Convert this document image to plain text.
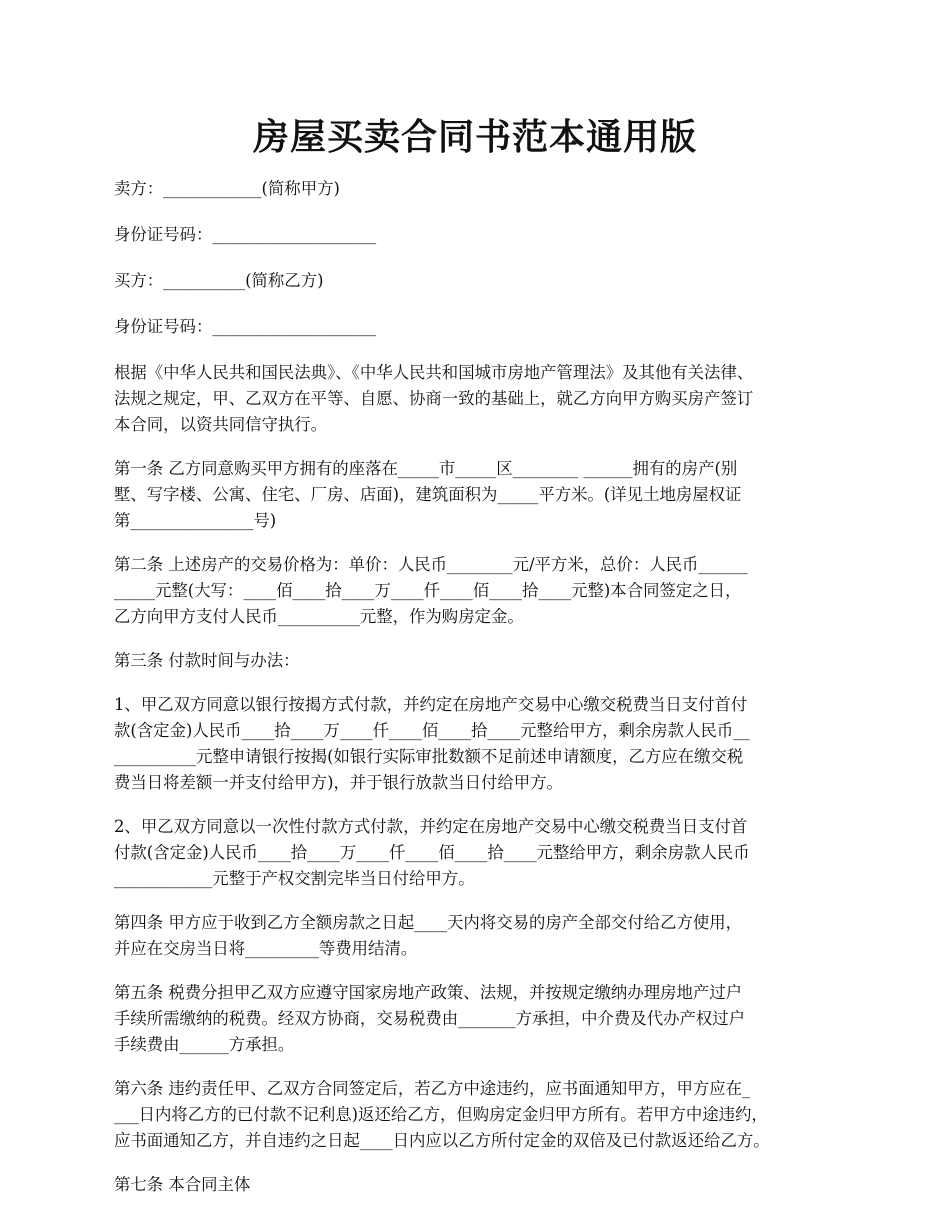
房屋买卖合同书范本通用版

卖方：____________(简称甲方)

身份证号码：____________________

买方：__________(简称乙方)

身份证号码：____________________

根据《中华人民共和国民法典》、《中华人民共和国城市房地产管理法》及其他有关法律、
法规之规定，甲、乙双方在平等、自愿、协商一致的基础上，就乙方向甲方购买房产签订
本合同，以资共同信守执行。

第一条 乙方同意购买甲方拥有的座落在_____市_____区________ ______拥有的房产(别
墅、写字楼、公寓、住宅、厂房、店面)，建筑面积为_____平方米。(详见土地房屋权证
第_______________号)

第二条 上述房产的交易价格为：单价：人民币________元/平方米，总价：人民币______
_____元整(大写：____佰____拾____万____仟____佰____拾____元整)本合同签定之日，
乙方向甲方支付人民币__________元整，作为购房定金。

第三条 付款时间与办法：

1、甲乙双方同意以银行按揭方式付款，并约定在房地产交易中心缴交税费当日支付首付
款(含定金)人民币____拾____万____仟____佰____拾____元整给甲方，剩余房款人民币__
__________元整申请银行按揭(如银行实际审批数额不足前述申请额度，乙方应在缴交税
费当日将差额一并支付给甲方)，并于银行放款当日付给甲方。

2、甲乙双方同意以一次性付款方式付款，并约定在房地产交易中心缴交税费当日支付首
付款(含定金)人民币____拾____万____仟____佰____拾____元整给甲方，剩余房款人民币
____________元整于产权交割完毕当日付给甲方。

第四条 甲方应于收到乙方全额房款之日起____天内将交易的房产全部交付给乙方使用，
并应在交房当日将_________等费用结清。

第五条 税费分担甲乙双方应遵守国家房地产政策、法规，并按规定缴纳办理房地产过户
手续所需缴纳的税费。经双方协商，交易税费由_______方承担，中介费及代办产权过户
手续费由______方承担。

第六条 违约责任甲、乙双方合同签定后，若乙方中途违约，应书面通知甲方，甲方应在_
___日内将乙方的已付款不记利息)返还给乙方，但购房定金归甲方所有。若甲方中途违约，
应书面通知乙方，并自违约之日起____日内应以乙方所付定金的双倍及已付款返还给乙方。

第七条 本合同主体
